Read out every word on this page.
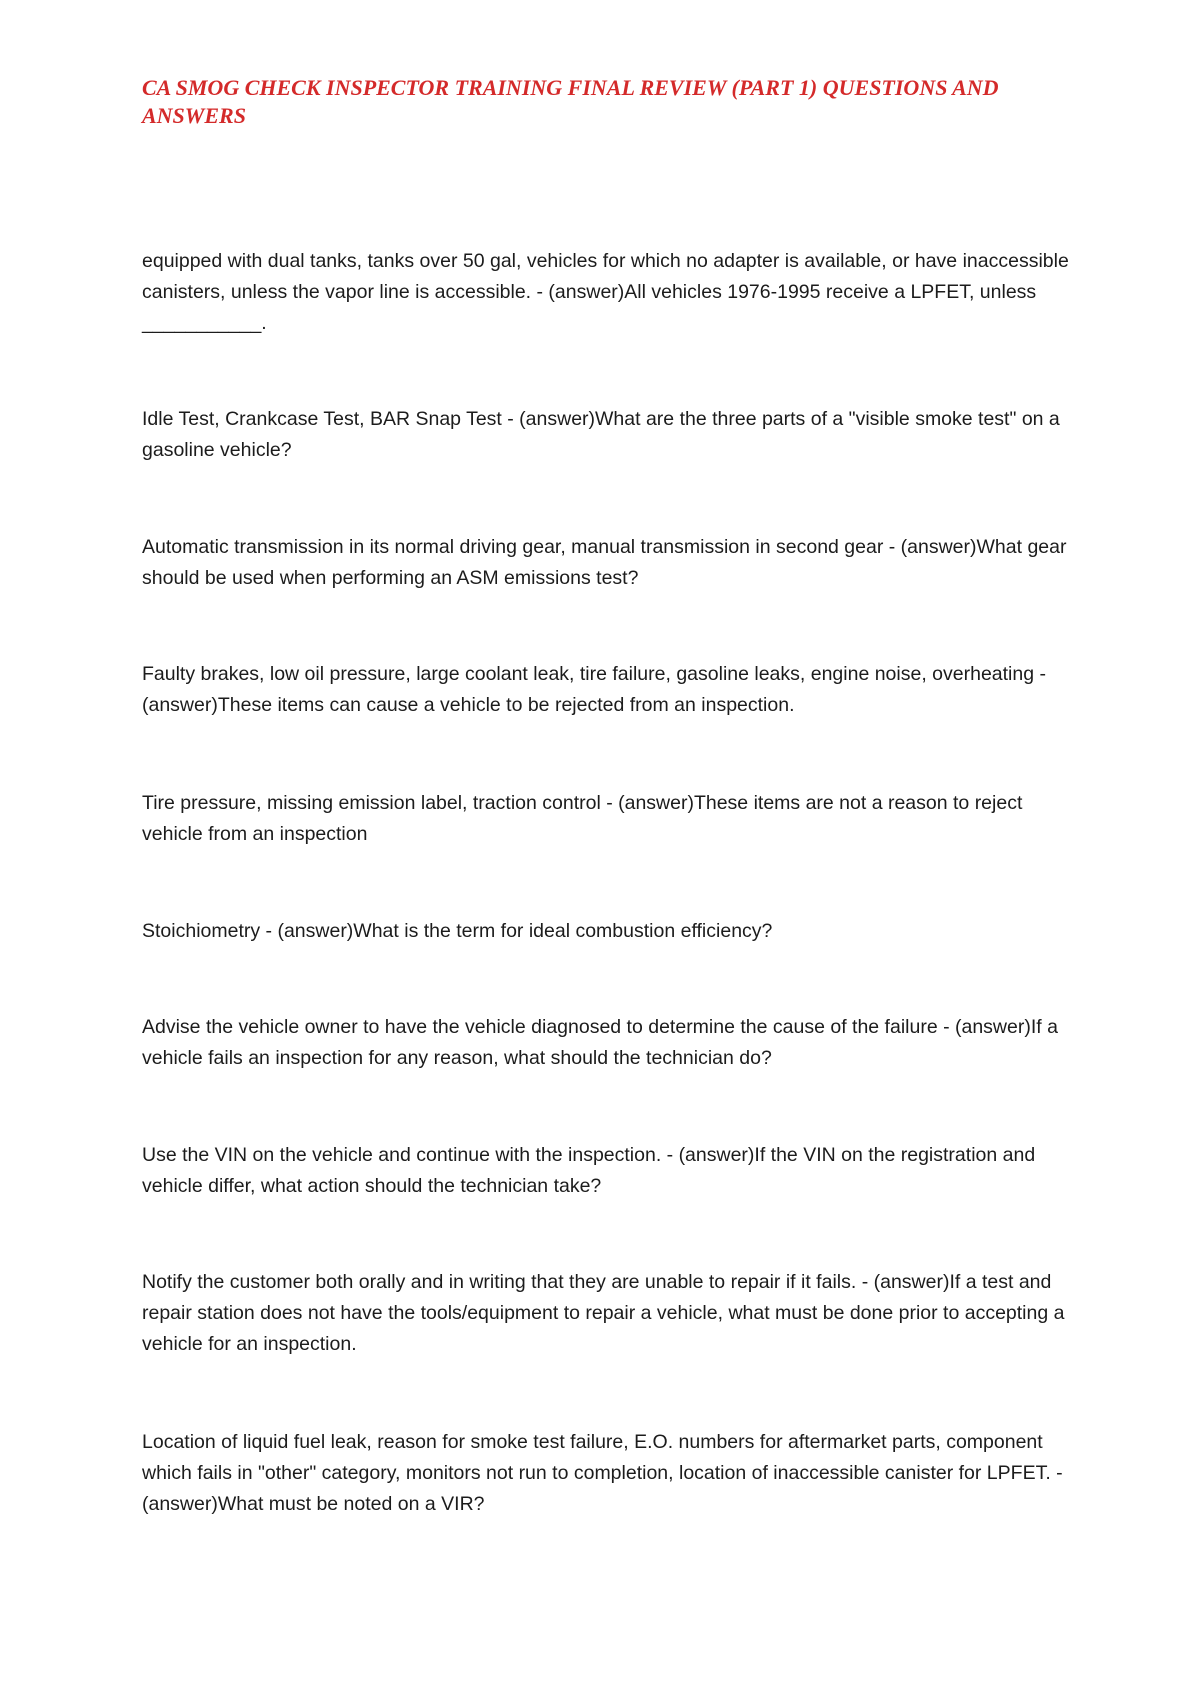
CA SMOG CHECK INSPECTOR TRAINING FINAL REVIEW (PART 1) QUESTIONS AND ANSWERS

equipped with dual tanks, tanks over 50 gal, vehicles for which no adapter is available, or have inaccessible canisters, unless the vapor line is accessible. - (answer)All vehicles 1976-1995 receive a LPFET, unless ___________.

Idle Test, Crankcase Test, BAR Snap Test - (answer)What are the three parts of a "visible smoke test" on a gasoline vehicle?

Automatic transmission in its normal driving gear, manual transmission in second gear - (answer)What gear should be used when performing an ASM emissions test?

Faulty brakes, low oil pressure, large coolant leak, tire failure, gasoline leaks, engine noise, overheating - (answer)These items can cause a vehicle to be rejected from an inspection.

Tire pressure, missing emission label, traction control - (answer)These items are not a reason to reject vehicle from an inspection

Stoichiometry - (answer)What is the term for ideal combustion efficiency?

Advise the vehicle owner to have the vehicle diagnosed to determine the cause of the failure - (answer)If a vehicle fails an inspection for any reason, what should the technician do?

Use the VIN on the vehicle and continue with the inspection. - (answer)If the VIN on the registration and vehicle differ, what action should the technician take?

Notify the customer both orally and in writing that they are unable to repair if it fails. - (answer)If a test and repair station does not have the tools/equipment to repair a vehicle, what must be done prior to accepting a vehicle for an inspection.

Location of liquid fuel leak, reason for smoke test failure, E.O. numbers for aftermarket parts, component which fails in "other" category, monitors not run to completion, location of inaccessible canister for LPFET. - (answer)What must be noted on a VIR?
